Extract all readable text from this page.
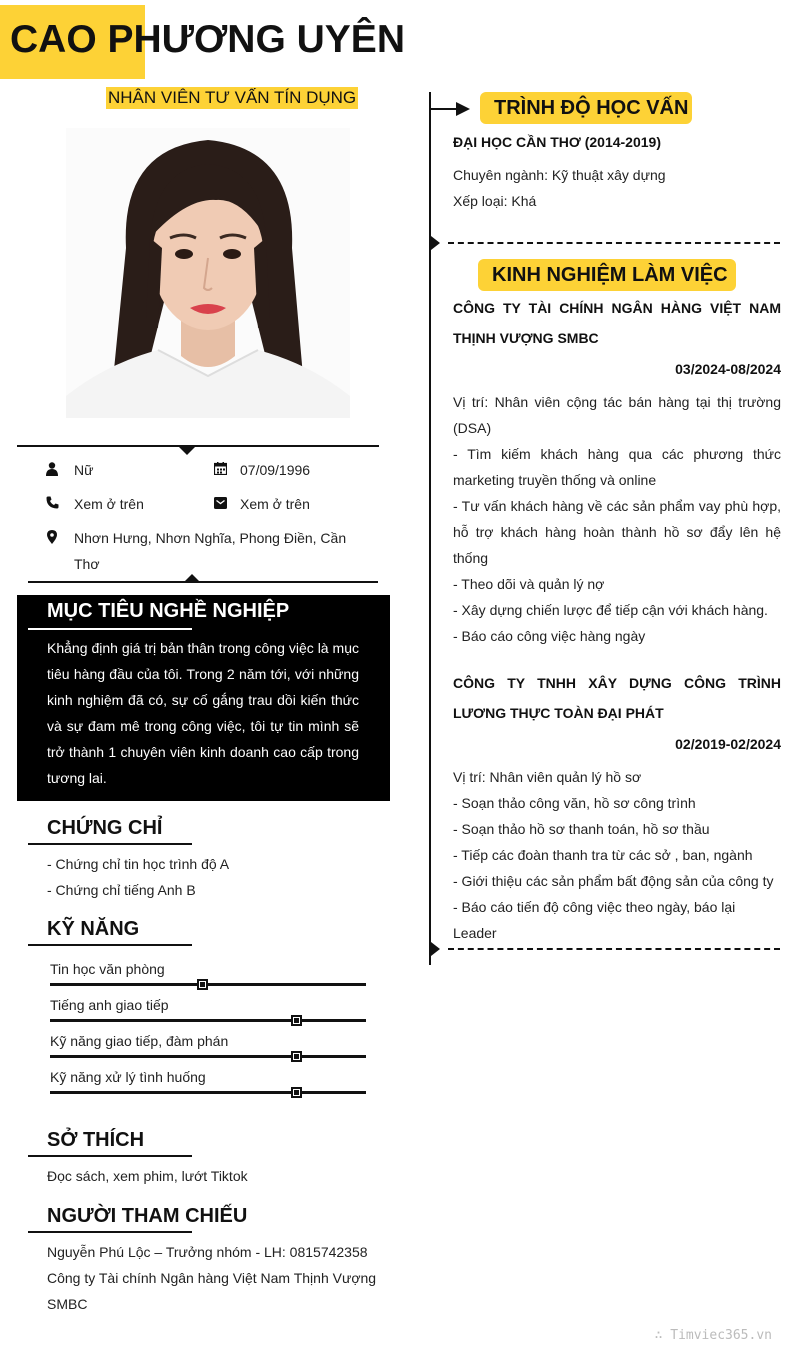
CAO PHƯƠNG UYÊN
NHÂN VIÊN TƯ VẤN TÍN DỤNG
Nữ	07/09/1996
Xem ở trên	Xem ở trên
Nhơn Hưng, Nhơn Nghĩa, Phong Điền, Cần Thơ
MỤC TIÊU NGHỀ NGHIỆP
Khẳng định giá trị bản thân trong công việc là mục tiêu hàng đầu của tôi. Trong 2 năm tới, với những kinh nghiệm đã có, sự cố gắng trau dồi kiến thức và sự đam mê trong công việc, tôi tự tin mình sẽ trở thành 1 chuyên viên kinh doanh cao cấp trong tương lai.
CHỨNG CHỈ
- Chứng chỉ tin học trình độ A
- Chứng chỉ tiếng Anh B
KỸ NĂNG
Tin học văn phòng
Tiếng anh giao tiếp
Kỹ năng giao tiếp, đàm phán
Kỹ năng xử lý tình huống
SỞ THÍCH
Đọc sách, xem phim, lướt Tiktok
NGƯỜI THAM CHIẾU
Nguyễn Phú Lộc – Trưởng nhóm - LH: 0815742358
Công ty Tài chính Ngân hàng Việt Nam Thịnh Vượng SMBC
TRÌNH ĐỘ HỌC VẤN
ĐẠI HỌC CẦN THƠ (2014-2019)
Chuyên ngành: Kỹ thuật xây dựng
Xếp loại: Khá
KINH NGHIỆM LÀM VIỆC
CÔNG TY TÀI CHÍNH NGÂN HÀNG VIỆT NAM THỊNH VƯỢNG SMBC
03/2024-08/2024
Vị trí: Nhân viên cộng tác bán hàng tại thị trường (DSA)
- Tìm kiếm khách hàng qua các phương thức marketing truyền thống và online
- Tư vấn khách hàng về các sản phẩm vay phù hợp, hỗ trợ khách hàng hoàn thành hồ sơ đẩy lên hệ thống
- Theo dõi và quản lý nợ
- Xây dựng chiến lược để tiếp cận với khách hàng.
- Báo cáo công việc hàng ngày
CÔNG TY TNHH XÂY DỰNG CÔNG TRÌNH LƯƠNG THỰC TOÀN ĐẠI PHÁT
02/2019-02/2024
Vị trí: Nhân viên quản lý hồ sơ
- Soạn thảo công văn, hồ sơ công trình
- Soạn thảo hồ sơ thanh toán, hồ sơ thầu
- Tiếp các đoàn thanh tra từ các sở , ban, ngành
- Giới thiệu các sản phẩm bất động sản của công ty
- Báo cáo tiến độ công việc theo ngày, báo lại Leader
∴ Timviec365.vn
